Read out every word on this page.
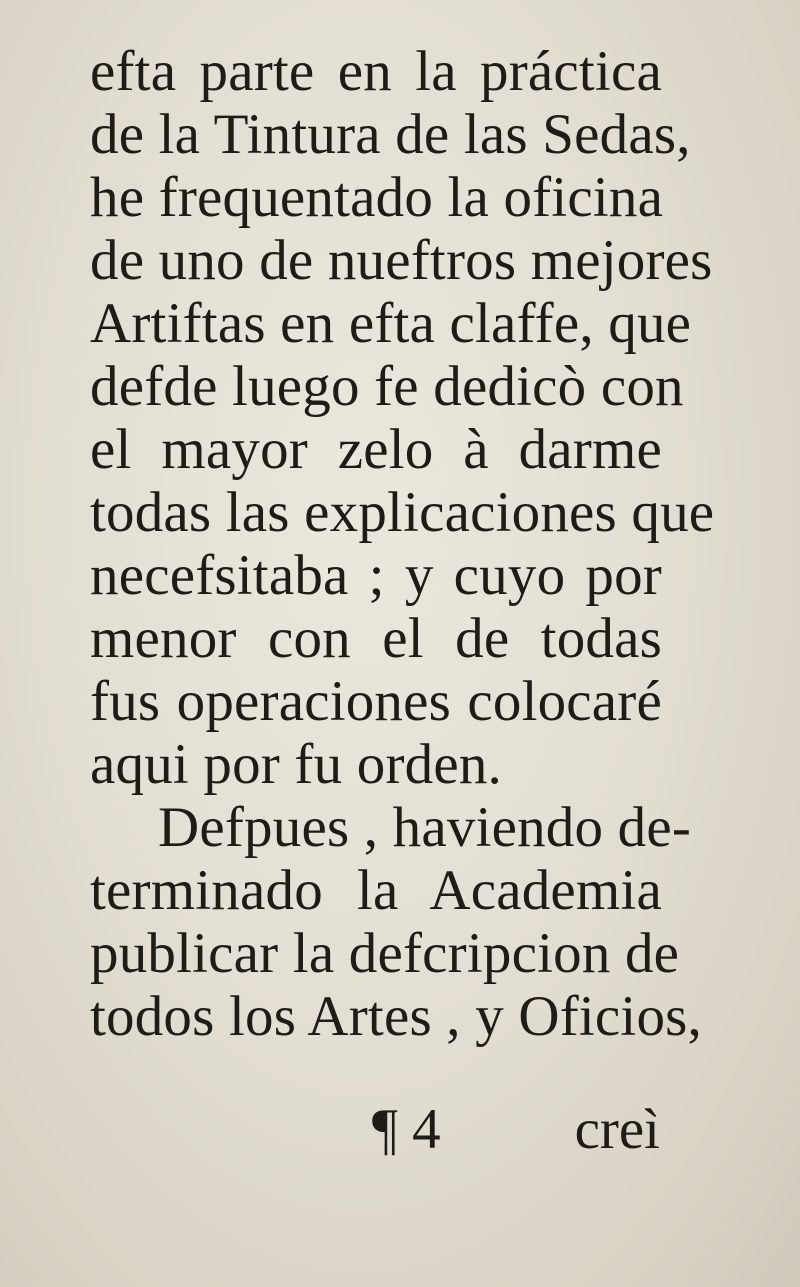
efta parte en la práctica
de la Tintura de las Sedas,
he frequentado la oficina
de uno de nueftros mejores
Artiftas en efta claffe, que
defde luego fe dedicò con
el mayor zelo à darme
todas las explicaciones que
necefsitaba ; y cuyo por
menor con el de todas
fus operaciones colocaré
aqui por fu orden.
Defpues , haviendo de-
terminado la Academia
publicar la defcripcion de
todos los Artes , y Oficios,
¶ 4 creì
